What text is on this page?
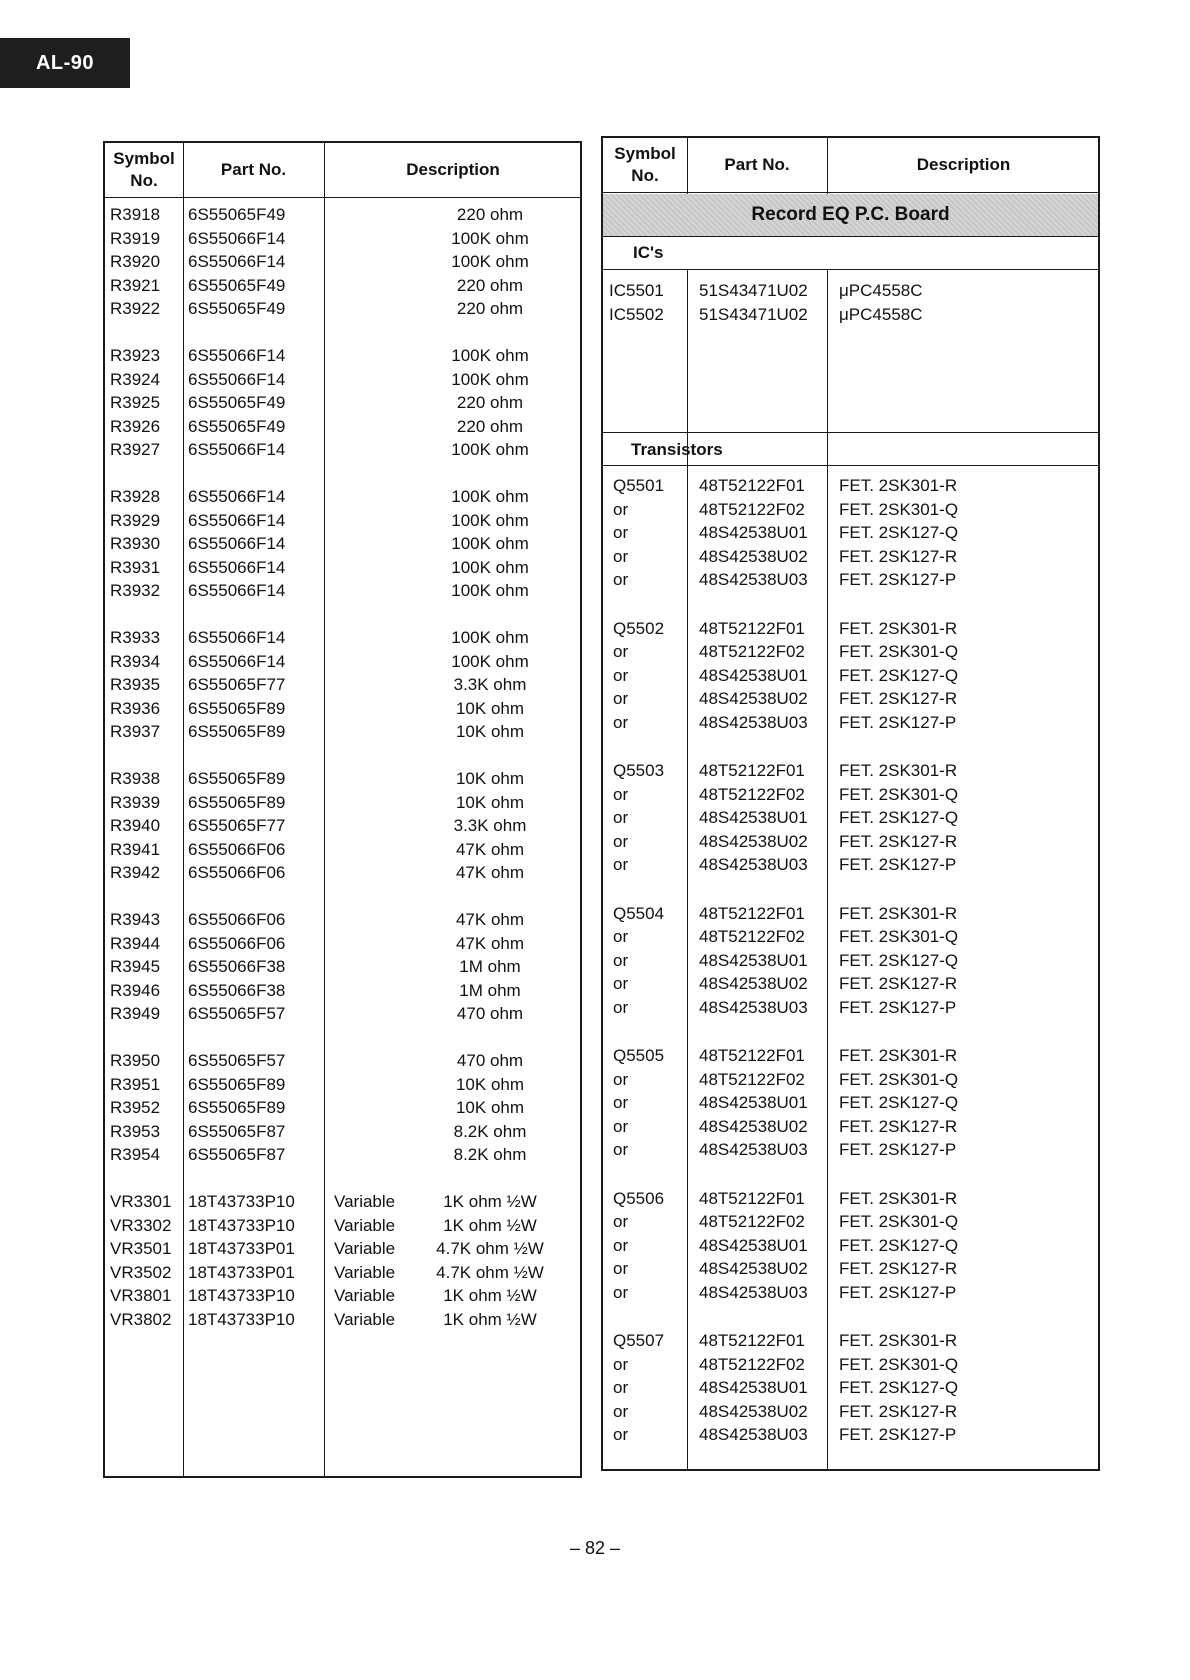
AL-90
Symbol No.
Part No.	Description
R3918 6S55065F49	220 ohm
R3919 6S55066F14	100K ohm
R3920 6S55066F14	100K ohm
R3921 6S55065F49	220 ohm
R3922 6S55065F49	220 ohm
R3923 6S55066F14	100K ohm
R3924 6S55066F14	100K ohm
R3925 6S55065F49	220 ohm
R3926 6S55065F49	220 ohm
R3927 6S55066F14	100K ohm
R3928 6S55066F14	100K ohm
R3929 6S55066F14	100K ohm
R3930 6S55066F14	100K ohm
R3931 6S55066F14	100K ohm
R3932 6S55066F14	100K ohm
R3933 6S55066F14	100K ohm
R3934 6S55066F14	100K ohm
R3935 6S55065F77	3.3K ohm
R3936 6S55065F89	10K ohm
R3937 6S55065F89	10K ohm
R3938 6S55065F89	10K ohm
R3939 6S55065F89	10K ohm
R3940 6S55065F77	3.3K ohm
R3941 6S55066F06	47K ohm
R3942 6S55066F06	47K ohm
R3943 6S55066F06	47K ohm
R3944 6S55066F06	47K ohm
R3945 6S55066F38	1M ohm
R3946 6S55066F38	1M ohm
R3949 6S55065F57	470 ohm
R3950 6S55065F57	470 ohm
R3951 6S55065F89	10K ohm
R3952 6S55065F89	10K ohm
R3953 6S55065F87	8.2K ohm
R3954 6S55065F87	8.2K ohm
VR3301 18T43733P10 Variable	1K ohm ½W
VR3302 18T43733P10 Variable	1K ohm ½W
VR3501 18T43733P01 Variable	4.7K ohm ½W
VR3502 18T43733P01 Variable	4.7K ohm ½W
VR3801 18T43733P10 Variable	1K ohm ½W
VR3802 18T43733P10 Variable	1K ohm ½W
Symbol No.
Part No.	Description
Record EQ P.C. Board
IC's
IC5501 51S43471U02 μPC4558C
IC5502 51S43471U02 μPC4558C
Transistors
Q5501 48T52122F01 FET. 2SK301-R
or	48T52122F02 FET. 2SK301-Q
or	48S42538U01 FET. 2SK127-Q
or	48S42538U02 FET. 2SK127-R
or	48S42538U03 FET. 2SK127-P
Q5502 48T52122F01 FET. 2SK301-R
or	48T52122F02 FET. 2SK301-Q
or	48S42538U01 FET. 2SK127-Q
or	48S42538U02 FET. 2SK127-R
or	48S42538U03 FET. 2SK127-P
Q5503 48T52122F01 FET. 2SK301-R
or	48T52122F02 FET. 2SK301-Q
or	48S42538U01 FET. 2SK127-Q
or	48S42538U02 FET. 2SK127-R
or	48S42538U03 FET. 2SK127-P
Q5504 48T52122F01 FET. 2SK301-R
or	48T52122F02 FET. 2SK301-Q
or	48S42538U01 FET. 2SK127-Q
or	48S42538U02 FET. 2SK127-R
or	48S42538U03 FET. 2SK127-P
Q5505 48T52122F01 FET. 2SK301-R
or	48T52122F02 FET. 2SK301-Q
or	48S42538U01 FET. 2SK127-Q
or	48S42538U02 FET. 2SK127-R
or	48S42538U03 FET. 2SK127-P
Q5506 48T52122F01 FET. 2SK301-R
or	48T52122F02 FET. 2SK301-Q
or	48S42538U01 FET. 2SK127-Q
or	48S42538U02 FET. 2SK127-R
or	48S42538U03 FET. 2SK127-P
Q5507 48T52122F01 FET. 2SK301-R
or	48T52122F02 FET. 2SK301-Q
or	48S42538U01 FET. 2SK127-Q
or	48S42538U02 FET. 2SK127-R
or	48S42538U03 FET. 2SK127-P
– 82 –
